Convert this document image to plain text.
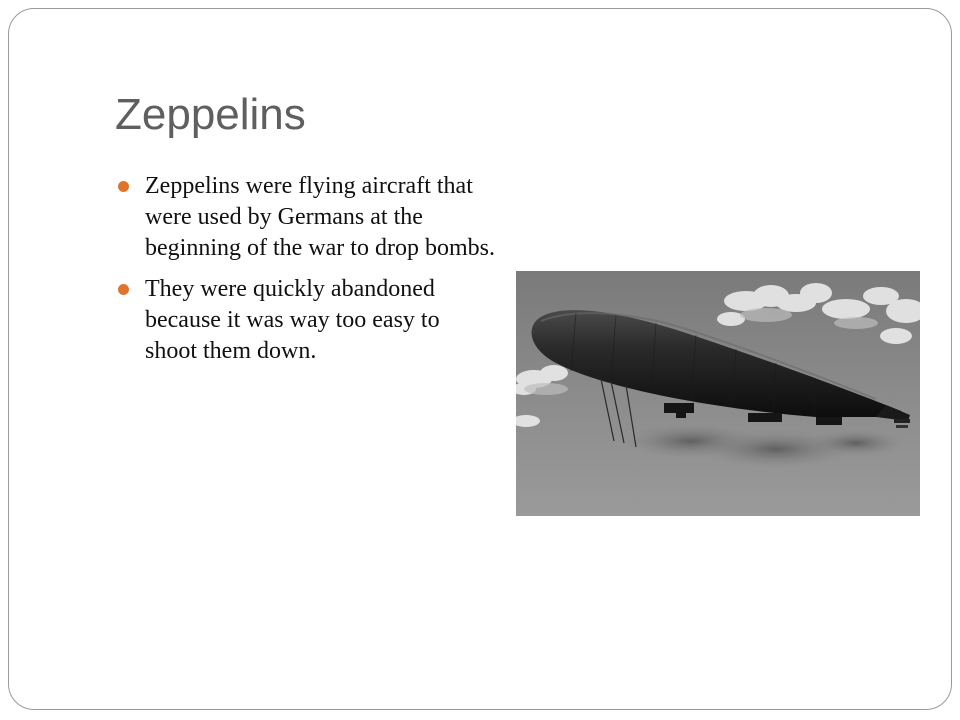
Zeppelins
Zeppelins were flying aircraft that were used by Germans at the beginning of the war to drop bombs.
They were quickly abandoned because it was way too easy to shoot them down.
